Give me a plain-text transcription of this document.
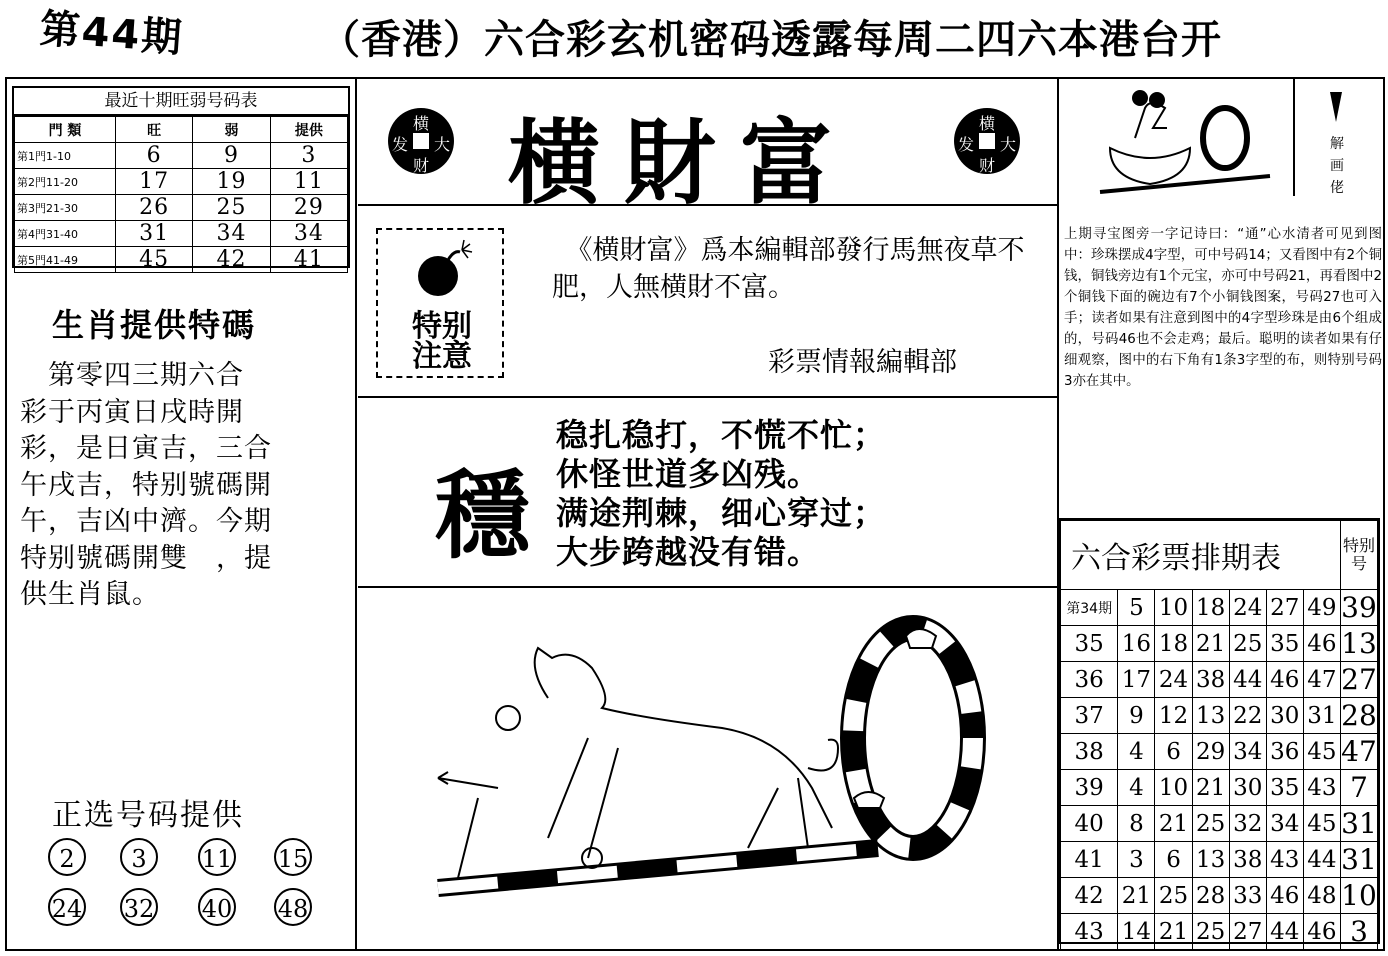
第44期	（香港）六合彩玄机密码透露每周二四六本港台开
最近十期旺弱号码表
門 類	旺	弱	提供
第1門1-10	6	9	3
第2門11-20	17	19	11
第3門21-30	26	25	29
第4門31-40	31	34	34
第5門41-49	45	42	41
生肖提供特碼
　第零四三期六合
彩于丙寅日戌時開
彩，是日寅吉，三合
午戌吉，特别號碼開
午，吉凶中濟。今期
特别號碼開雙　，提
供生肖鼠。
正选号码提供
2	3	11 15
24 32 40 48
横
发 大
财 横財富	横
发 大
财
特别
注意
　《横財富》爲本編輯部發行馬無夜草不肥，人無横財不富。
彩票情報編輯部
穩
稳扎稳打，不慌不忙；
休怪世道多凶残。
满途荆棘，细心穿过；
大步跨越没有错。
解
画
佬
上期寻宝图旁一字记诗曰：“通”心水清者可见到图中：珍珠摆成4字型，可中号码14；又看图中有2个铜钱，铜钱旁边有1个元宝，亦可中号码21，再看图中2个铜钱下面的碗边有7个小铜钱图案，号码27也可入手；读者如果有注意到图中的4字型珍珠是由6个组成的，号码46也不会走鸡；最后。聪明的读者如果有仔细观察，图中的右下角有1条3字型的布，则特别号码3亦在其中。
六合彩票排期表							特别号
第34期	5	10	18	24	27	49	39
35	16	18	21	25	35	46	13
36	17	24	38	44	46	47	27
37	9	12	13	22	30	31	28
38	4	6	29	34	36	45	47
39	4	10	21	30	35	43	7
40	8	21	25	32	34	45	31
41	3	6	13	38	43	44	31
42	21	25	28	33	46	48	10
43	14	21	25	27	44	46	3
